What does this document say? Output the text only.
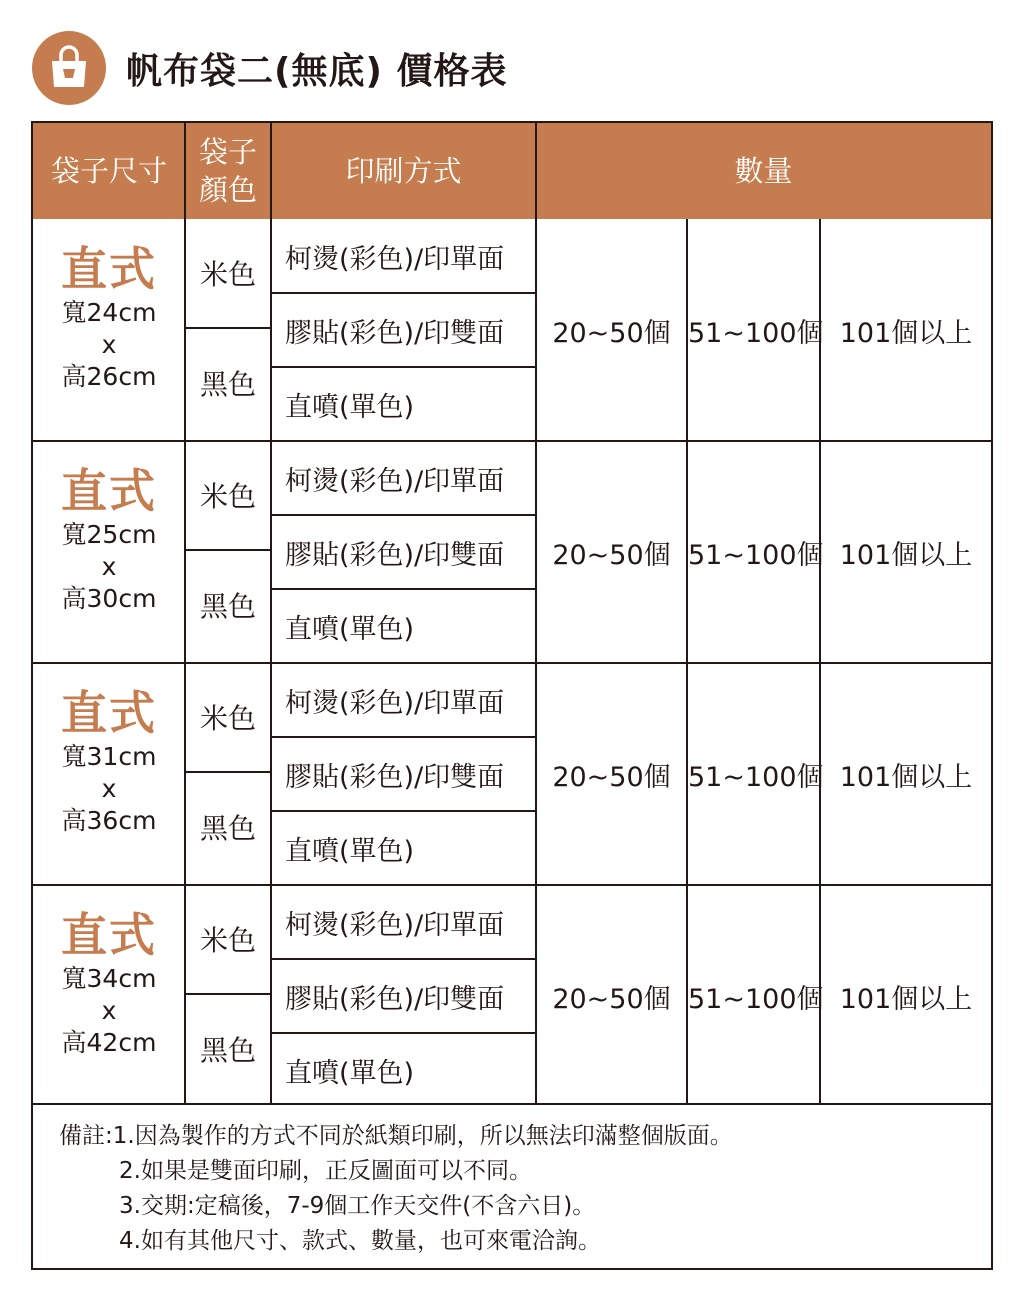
帆布袋二(無底) 價格表
袋子尺寸
袋子
顏色
印刷方式	數量
直式
寬24cm
x
高26cm
米色
黑色
柯燙(彩色)/印單面
膠貼(彩色)/印雙面
直噴(單色)
20~50個 51~100個 101個以上
直式
寬25cm
x
高30cm
米色
黑色
柯燙(彩色)/印單面
膠貼(彩色)/印雙面
直噴(單色)
20~50個 51~100個 101個以上
直式
寬31cm
x
高36cm
米色
黑色
柯燙(彩色)/印單面
膠貼(彩色)/印雙面
直噴(單色)
20~50個 51~100個 101個以上
直式
寬34cm
x
高42cm
米色
黑色
柯燙(彩色)/印單面
膠貼(彩色)/印雙面
直噴(單色)
20~50個 51~100個 101個以上
備註:1.因為製作的方式不同於紙類印刷，所以無法印滿整個版面。
2.如果是雙面印刷，正反圖面可以不同。
3.交期:定稿後，7-9個工作天交件(不含六日)。
4.如有其他尺寸、款式、數量，也可來電洽詢。
